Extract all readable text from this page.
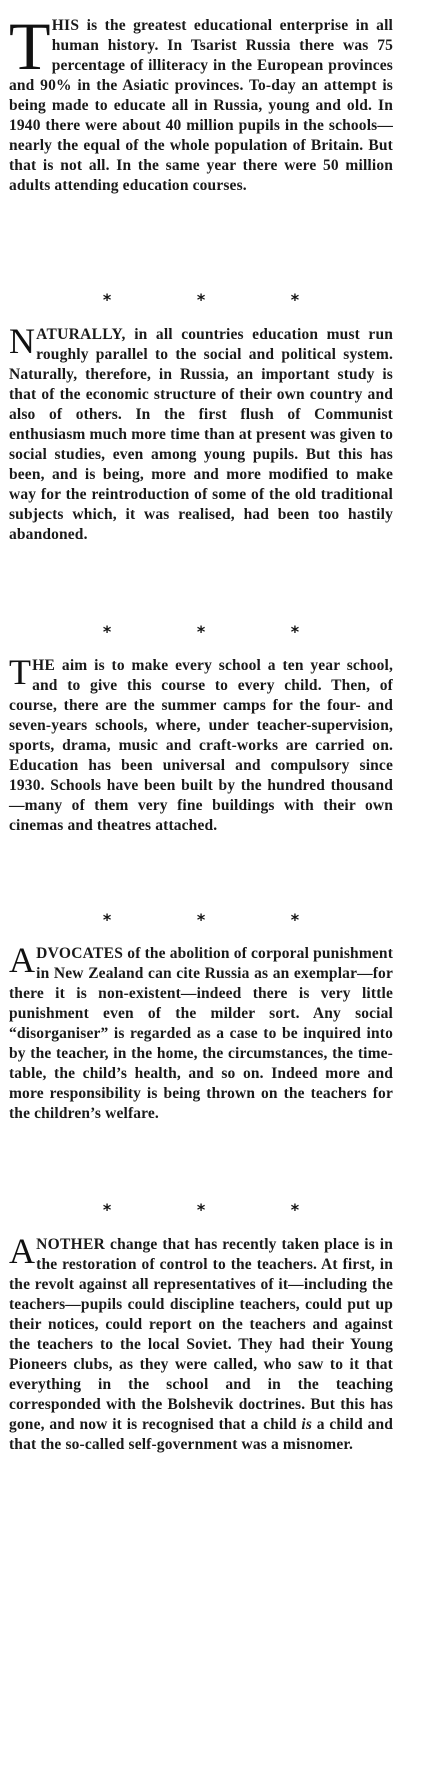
THIS is the greatest educational enterprise in all human history. In Tsarist Russia there was 75 percentage of illiteracy in the European provinces and 90% in the Asiatic provinces. To-day an attempt is being made to educate all in Russia, young and old. In 1940 there were about 40 million pupils in the schools—nearly the equal of the whole population of Britain. But that is not all. In the same year there were 50 million adults attending education courses.

* * *

NATURALLY, in all countries education must run roughly parallel to the social and political system. Naturally, therefore, in Russia, an important study is that of the economic structure of their own country and also of others. In the first flush of Communist enthusiasm much more time than at present was given to social studies, even among young pupils. But this has been, and is being, more and more modified to make way for the reintroduction of some of the old traditional subjects which, it was realised, had been too hastily abandoned.

* * *

THE aim is to make every school a ten year school, and to give this course to every child. Then, of course, there are the summer camps for the four- and seven-years schools, where, under teacher-supervision, sports, drama, music and craft-works are carried on. Education has been universal and compulsory since 1930. Schools have been built by the hundred thousand—many of them very fine buildings with their own cinemas and theatres attached.

* * *

ADVOCATES of the abolition of corporal punishment in New Zealand can cite Russia as an exemplar—for there it is non-existent—indeed there is very little punishment even of the milder sort. Any social “disorganiser” is regarded as a case to be inquired into by the teacher, in the home, the circumstances, the time-table, the child’s health, and so on. Indeed more and more responsibility is being thrown on the teachers for the children’s welfare.

* * *

ANOTHER change that has recently taken place is in the restoration of control to the teachers. At first, in the revolt against all representatives of it—including the teachers—pupils could discipline teachers, could put up their notices, could report on the teachers and against the teachers to the local Soviet. They had their Young Pioneers clubs, as they were called, who saw to it that everything in the school and in the teaching corresponded with the Bolshevik doctrines. But this has gone, and now it is recognised that a child is a child and that the so-called self-government was a misnomer.
